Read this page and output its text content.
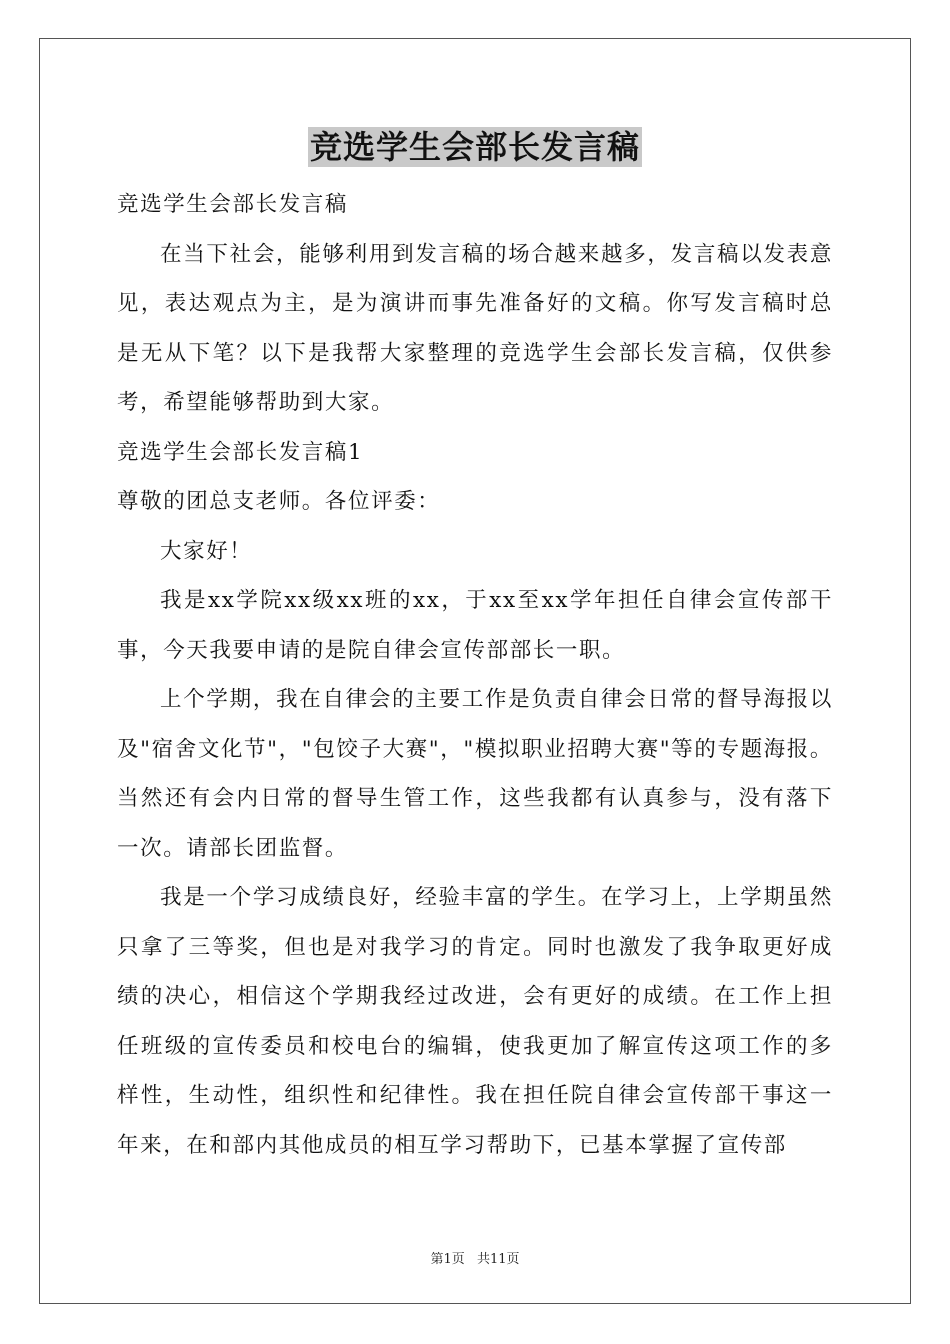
竞选学生会部长发言稿

竞选学生会部长发言稿

在当下社会，能够利用到发言稿的场合越来越多，发言稿以发表意见，表达观点为主，是为演讲而事先准备好的文稿。你写发言稿时总是无从下笔？以下是我帮大家整理的竞选学生会部长发言稿，仅供参考，希望能够帮助到大家。

竞选学生会部长发言稿1

尊敬的团总支老师。各位评委：

大家好！

我是xx学院xx级xx班的xx，于xx至xx学年担任自律会宣传部干事，今天我要申请的是院自律会宣传部部长一职。

上个学期，我在自律会的主要工作是负责自律会日常的督导海报以及"宿舍文化节"，"包饺子大赛"，"模拟职业招聘大赛"等的专题海报。当然还有会内日常的督导生管工作，这些我都有认真参与，没有落下一次。请部长团监督。

我是一个学习成绩良好，经验丰富的学生。在学习上，上学期虽然只拿了三等奖，但也是对我学习的肯定。同时也激发了我争取更好成绩的决心，相信这个学期我经过改进，会有更好的成绩。在工作上担任班级的宣传委员和校电台的编辑，使我更加了解宣传这项工作的多样性，生动性，组织性和纪律性。我在担任院自律会宣传部干事这一年来，在和部内其他成员的相互学习帮助下，已基本掌握了宣传部

第1页 共11页
